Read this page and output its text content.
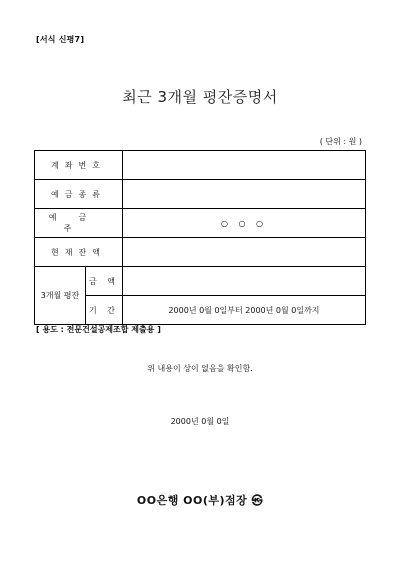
[서식 신평7]
최근 3개월 평잔증명서
( 단위 : 원 )
계좌번호		
예금종류		
예금주		○ ○ ○
현재잔액		
3개월 평잔	금 액	
	기 간	2000년 0월 0일부터 2000년 0월 0일까지
[ 용도 : 전문건설공제조합 제출용 ]
위 내용이 상이 없음을 확인함.
2000년 0월 0일
OO은행 OO(부)점장 ㉿
